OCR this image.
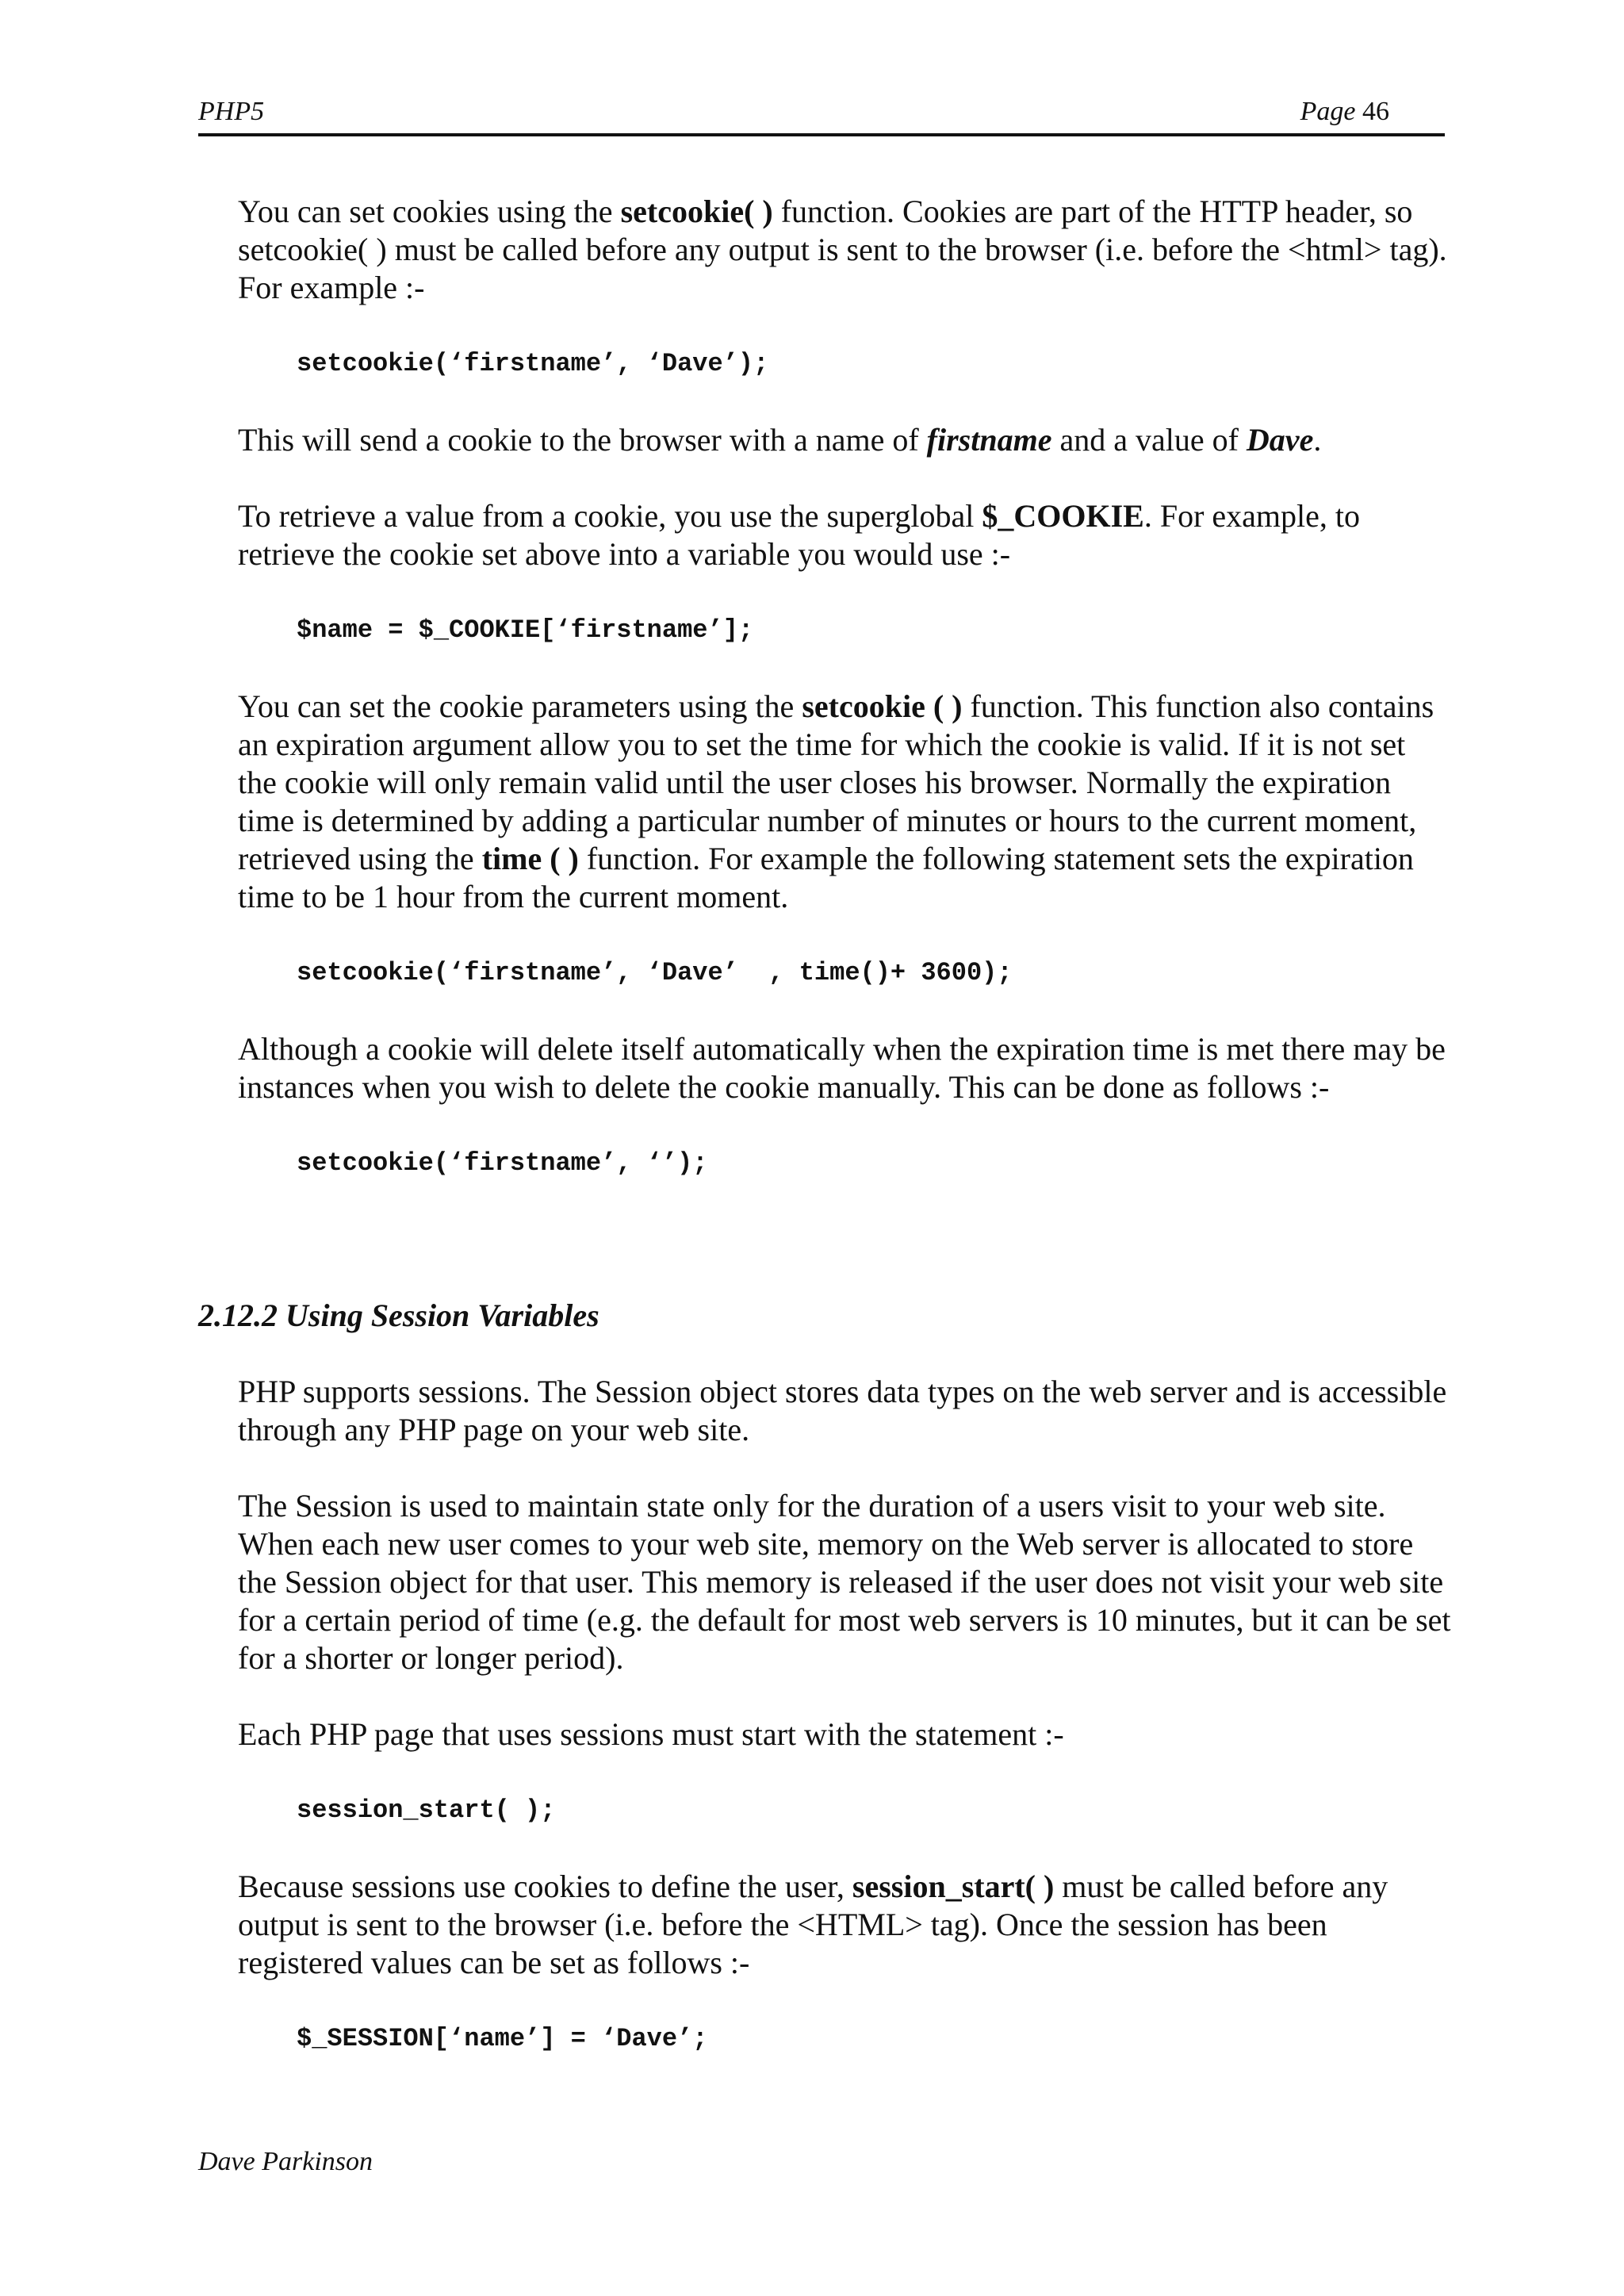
PHP5	Page 46

You can set cookies using the setcookie( ) function. Cookies are part of the HTTP header, so setcookie( ) must be called before any output is sent to the browser (i.e. before the <html> tag). For example :-

setcookie(‘firstname’, ‘Dave’);

This will send a cookie to the browser with a name of firstname and a value of Dave.

To retrieve a value from a cookie, you use the superglobal $_COOKIE. For example, to retrieve the cookie set above into a variable you would use :-

$name = $_COOKIE[‘firstname’];

You can set the cookie parameters using the setcookie ( ) function. This function also contains an expiration argument allow you to set the time for which the cookie is valid. If it is not set the cookie will only remain valid until the user closes his browser. Normally the expiration time is determined by adding a particular number of minutes or hours to the current moment, retrieved using the time ( ) function. For example the following statement sets the expiration time to be 1 hour from the current moment.

setcookie(‘firstname’, ‘Dave’  , time()+ 3600);

Although a cookie will delete itself automatically when the expiration time is met there may be instances when you wish to delete the cookie manually. This can be done as follows :-

setcookie(‘firstname’, ‘’);
2.12.2 Using Session Variables

PHP supports sessions. The Session object stores data types on the web server and is accessible through any PHP page on your web site.

The Session is used to maintain state only for the duration of a users visit to your web site. When each new user comes to your web site, memory on the Web server is allocated to store the Session object for that user. This memory is released if the user does not visit your web site for a certain period of time (e.g. the default for most web servers is 10 minutes, but it can be set for a shorter or longer period).

Each PHP page that uses sessions must start with the statement :-

session_start( );

Because sessions use cookies to define the user, session_start( ) must be called before any output is sent to the browser (i.e. before the <HTML> tag). Once the session has been registered values can be set as follows :-

$_SESSION[‘name’] = ‘Dave’;
Dave Parkinson
